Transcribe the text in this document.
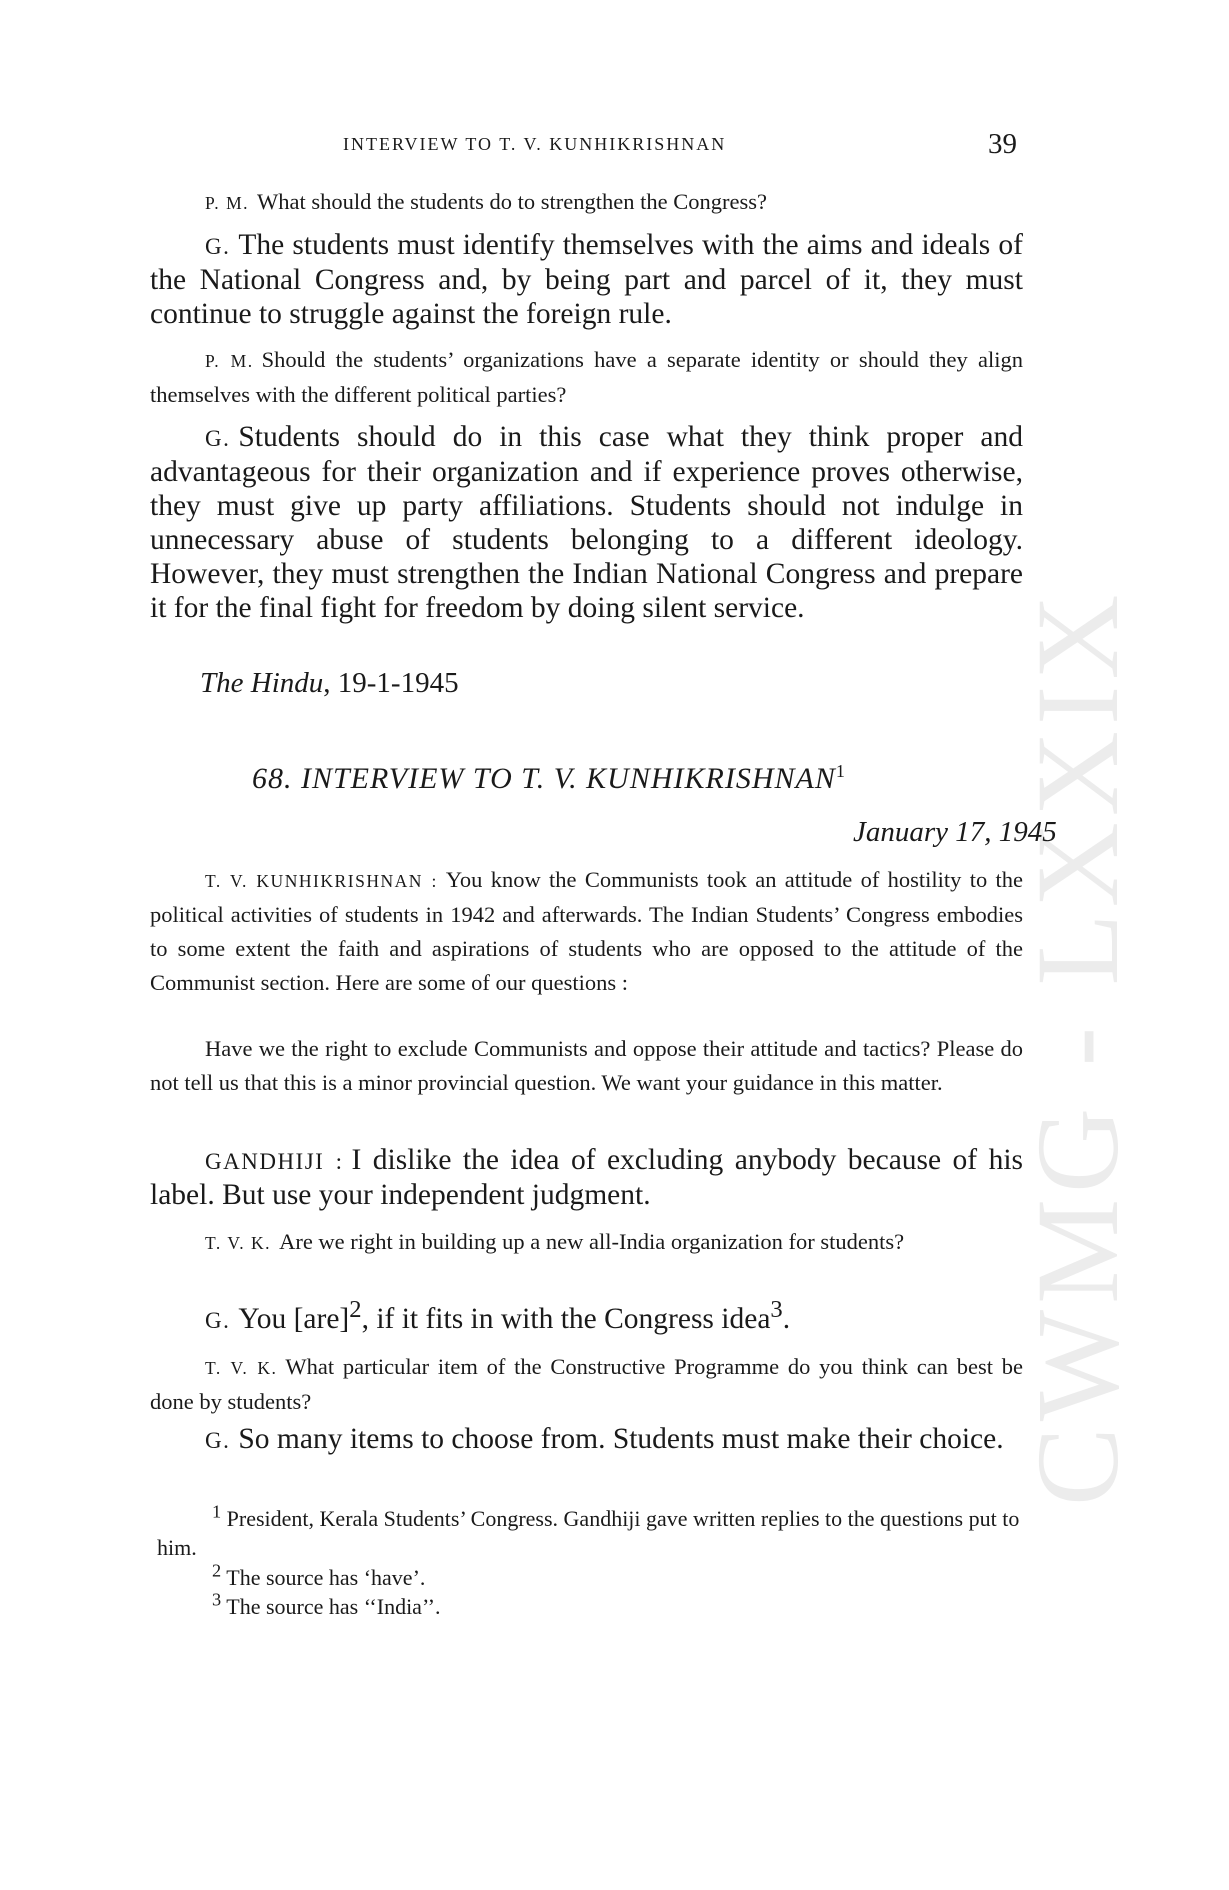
CWMG - LXXIX
INTERVIEW TO T. V. KUNHIKRISHNAN	39

P. M. What should the students do to strengthen the Congress?

G. The students must identify themselves with the aims and ideals of the National Congress and, by being part and parcel of it, they must continue to struggle against the foreign rule.

P. M. Should the students’ organizations have a separate identity or should they align themselves with the different political parties?

G. Students should do in this case what they think proper and advantageous for their organization and if experience proves otherwise, they must give up party affiliations. Students should not indulge in unnecessary abuse of students belonging to a different ideology. However, they must strengthen the Indian National Congress and prepare it for the final fight for freedom by doing silent service.

The Hindu, 19-1-1945
68. INTERVIEW TO T. V. KUNHIKRISHNAN$^1$
January 17, 1945

T. V. KUNHIKRISHNAN : You know the Communists took an attitude of hostility to the political activities of students in 1942 and afterwards. The Indian Students’ Congress embodies to some extent the faith and aspirations of students who are opposed to the attitude of the Communist section. Here are some of our questions :

Have we the right to exclude Communists and oppose their attitude and tactics? Please do not tell us that this is a minor provincial question. We want your guidance in this matter.

GANDHIJI : I dislike the idea of excluding anybody because of his label. But use your independent judgment.

T. V. K. Are we right in building up a new all-India organization for students?

G. You [are]$^2$, if it fits in with the Congress idea$^3$.

T. V. K. What particular item of the Constructive Programme do you think can best be done by students?

G. So many items to choose from. Students must make their choice.

$^1$ President, Kerala Students’ Congress. Gandhiji gave written replies to the questions put to him.

$^2$ The source has ‘have’.

$^3$ The source has ‘‘India’’.
